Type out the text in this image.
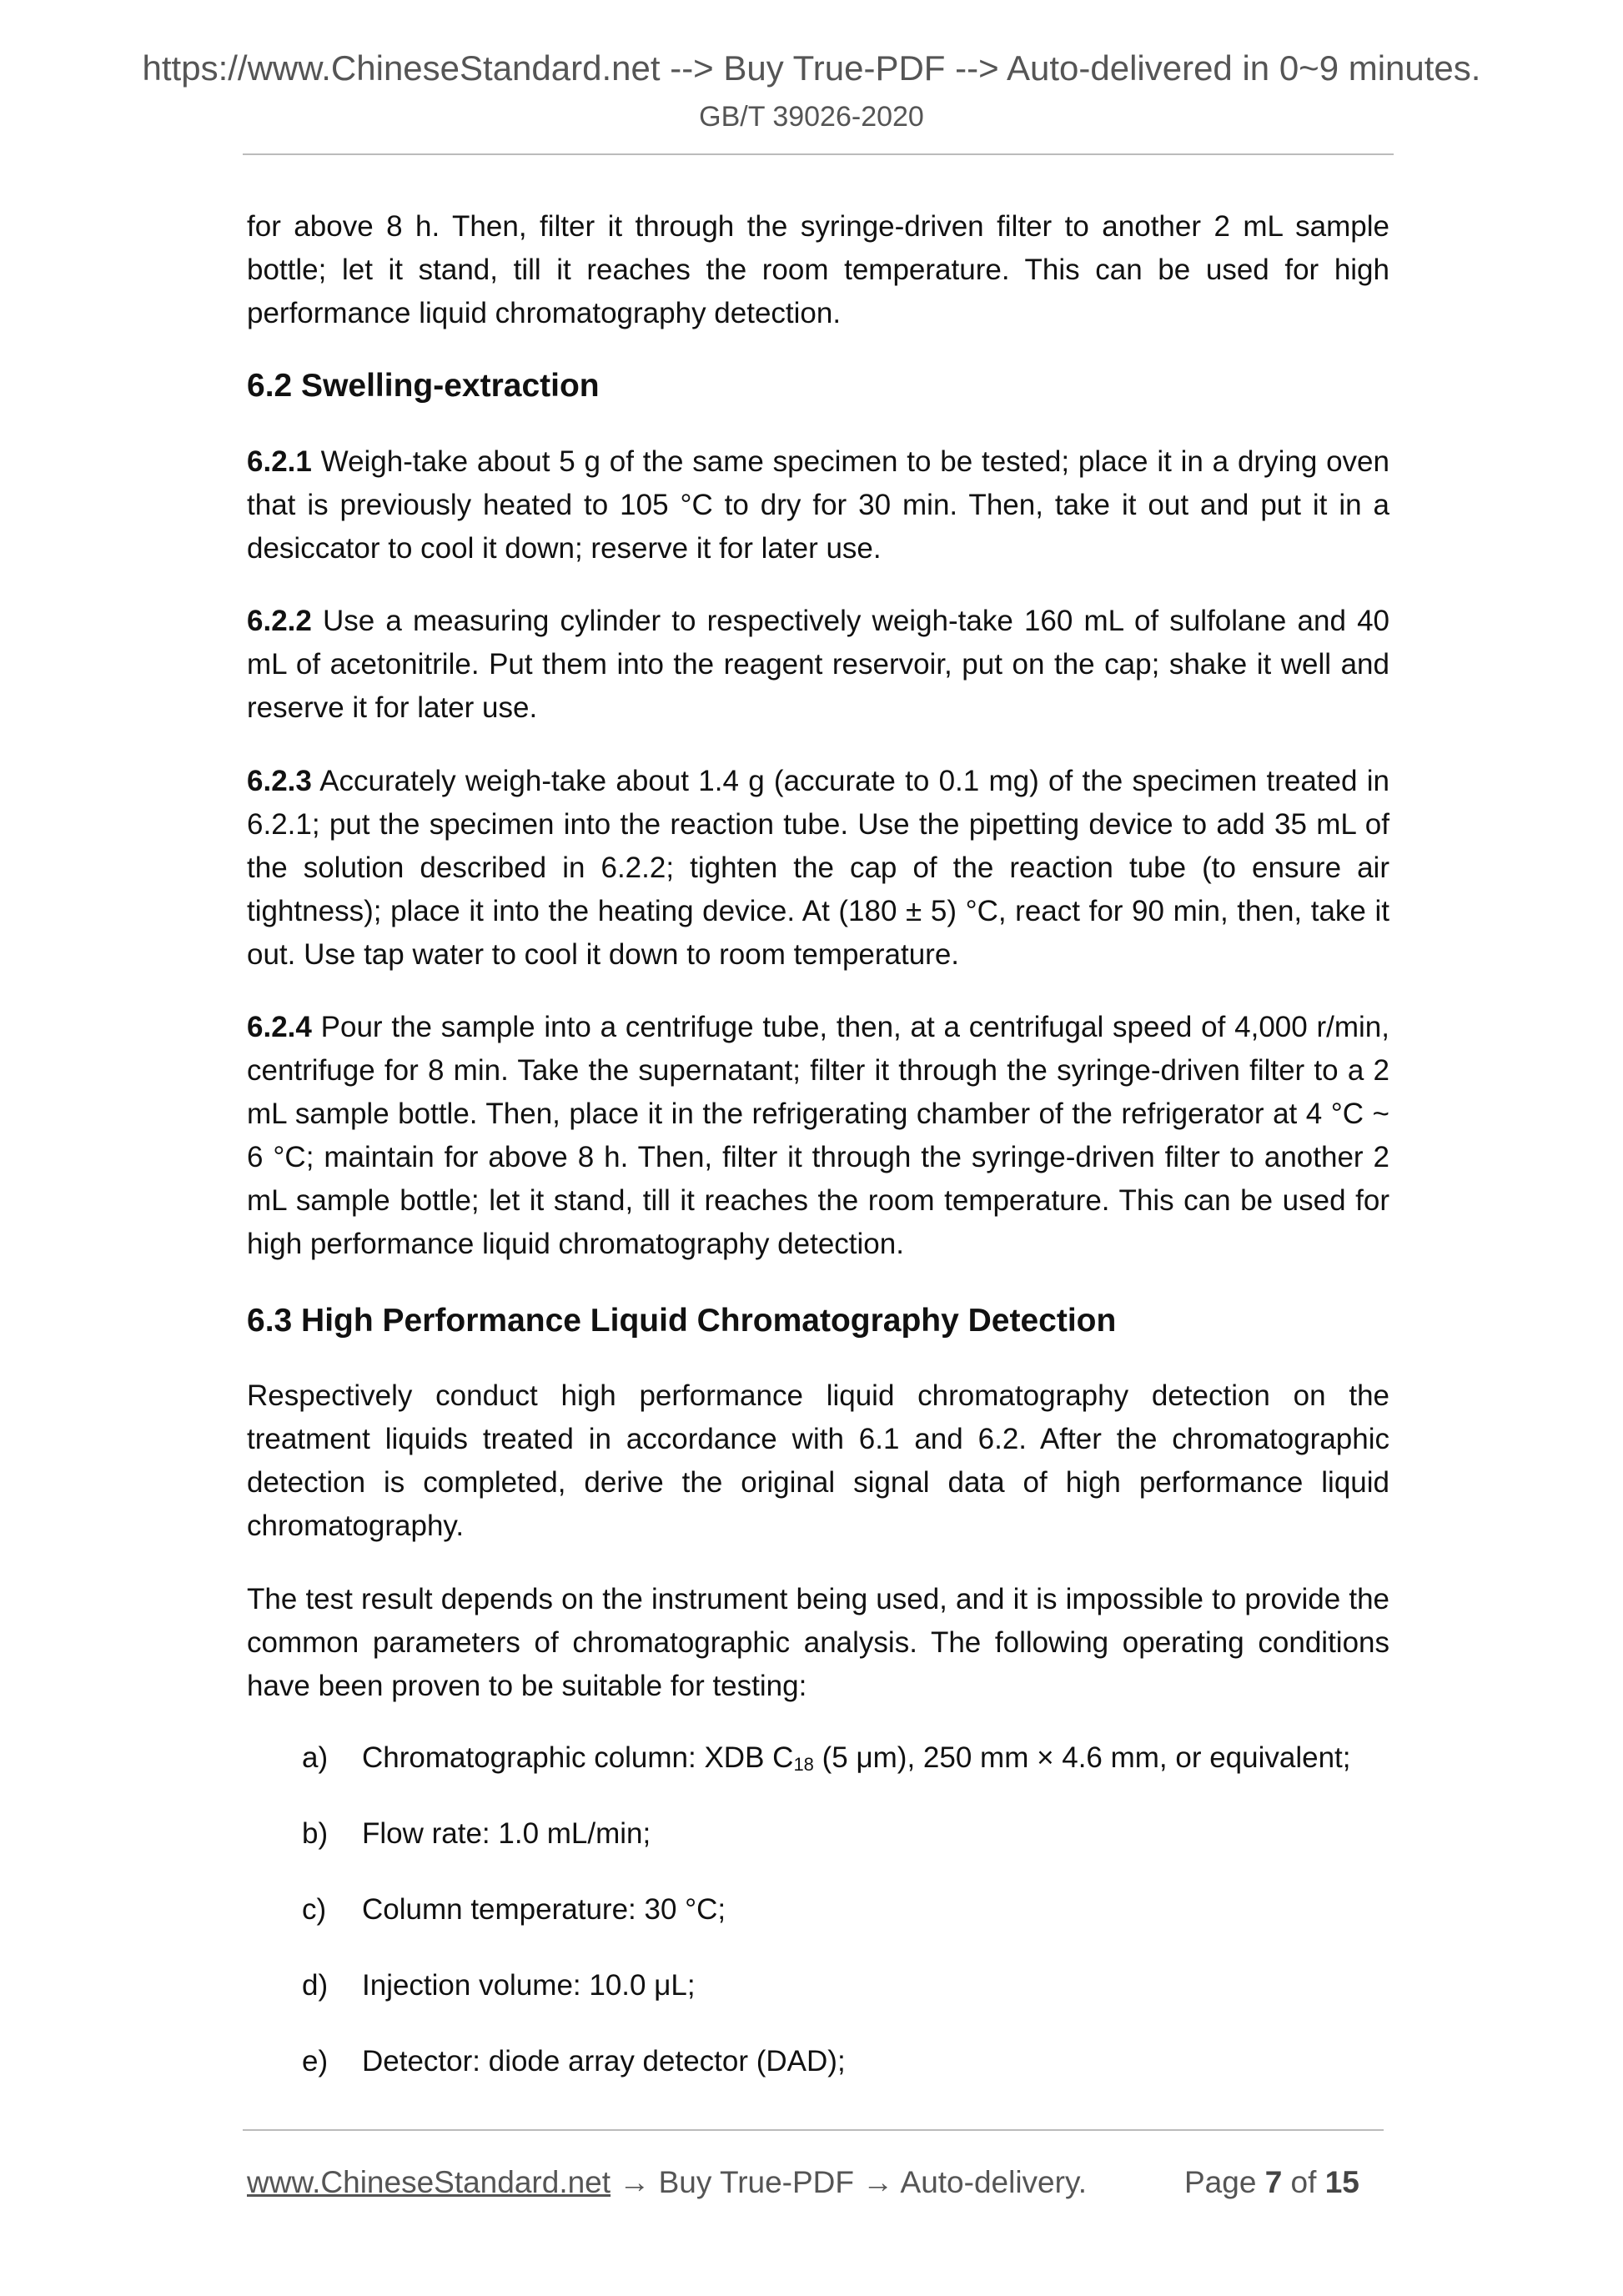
https://www.ChineseStandard.net --> Buy True-PDF --> Auto-delivered in 0~9 minutes.
GB/T 39026-2020

for above 8 h. Then, filter it through the syringe-driven filter to another 2 mL sample bottle; let it stand, till it reaches the room temperature. This can be used for high performance liquid chromatography detection.

6.2 Swelling-extraction

6.2.1 Weigh-take about 5 g of the same specimen to be tested; place it in a drying oven that is previously heated to 105 °C to dry for 30 min. Then, take it out and put it in a desiccator to cool it down; reserve it for later use.

6.2.2 Use a measuring cylinder to respectively weigh-take 160 mL of sulfolane and 40 mL of acetonitrile. Put them into the reagent reservoir, put on the cap; shake it well and reserve it for later use.

6.2.3 Accurately weigh-take about 1.4 g (accurate to 0.1 mg) of the specimen treated in 6.2.1; put the specimen into the reaction tube. Use the pipetting device to add 35 mL of the solution described in 6.2.2; tighten the cap of the reaction tube (to ensure air tightness); place it into the heating device. At (180 ± 5) °C, react for 90 min, then, take it out. Use tap water to cool it down to room temperature.

6.2.4 Pour the sample into a centrifuge tube, then, at a centrifugal speed of 4,000 r/min, centrifuge for 8 min. Take the supernatant; filter it through the syringe-driven filter to a 2 mL sample bottle. Then, place it in the refrigerating chamber of the refrigerator at 4 °C ~ 6 °C; maintain for above 8 h. Then, filter it through the syringe-driven filter to another 2 mL sample bottle; let it stand, till it reaches the room temperature. This can be used for high performance liquid chromatography detection.

6.3 High Performance Liquid Chromatography Detection

Respectively conduct high performance liquid chromatography detection on the treatment liquids treated in accordance with 6.1 and 6.2. After the chromatographic detection is completed, derive the original signal data of high performance liquid chromatography.

The test result depends on the instrument being used, and it is impossible to provide the common parameters of chromatographic analysis. The following operating conditions have been proven to be suitable for testing:

a) Chromatographic column: XDB $C_{18}$ (5 μm), 250 mm × 4.6 mm, or equivalent;
b) Flow rate: 1.0 mL/min;
c) Column temperature: 30 °C;
d) Injection volume: 10.0 μL;
e) Detector: diode array detector (DAD);
www.ChineseStandard.net → Buy True-PDF → Auto-delivery.	Page 7 of 15
